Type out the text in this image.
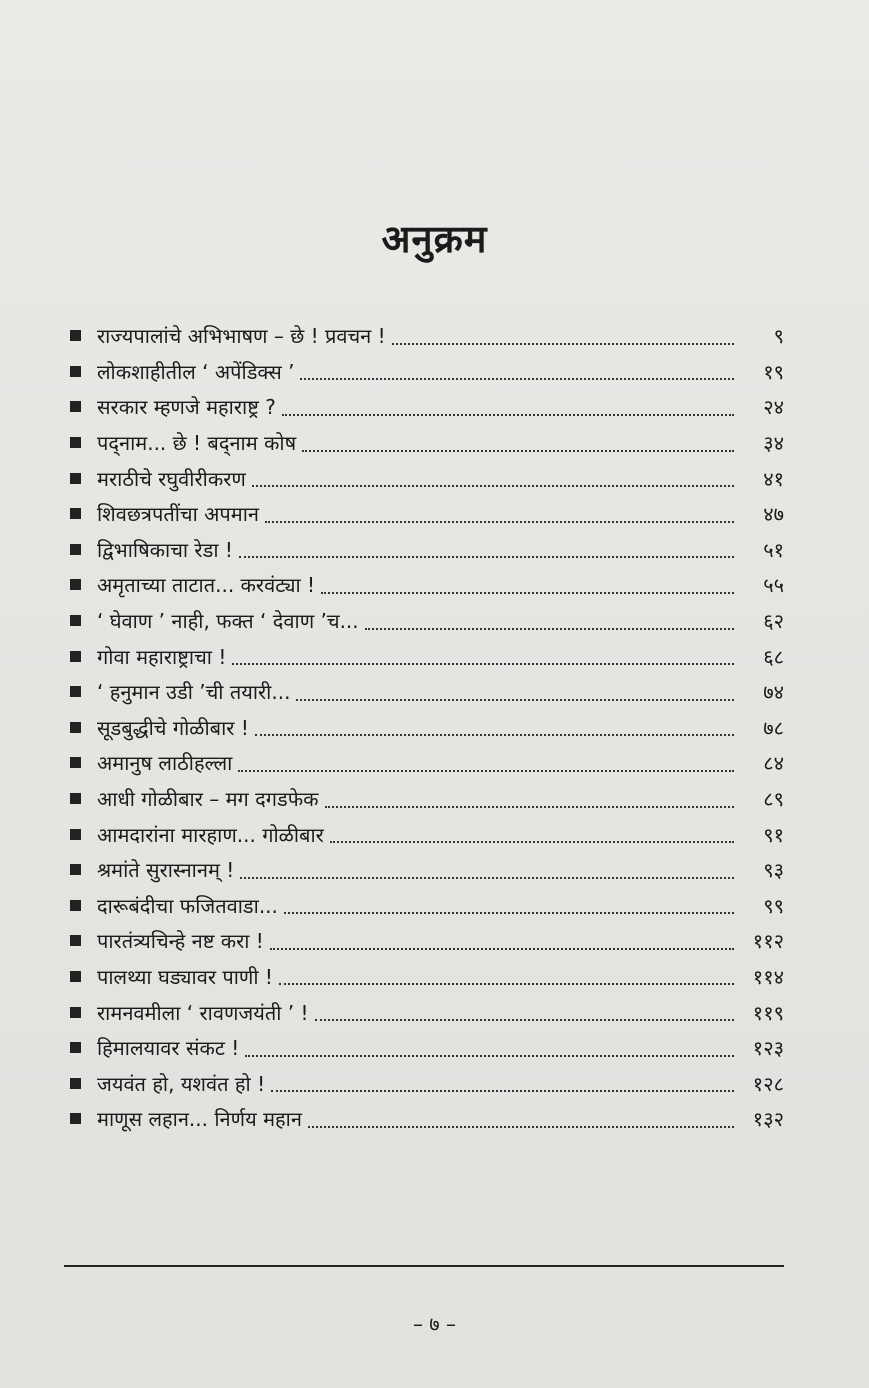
अनुक्रम
राज्यपालांचे अभिभाषण – छे ! प्रवचन !	९
लोकशाहीतील ‘ अपेंडिक्स ’	१९
सरकार म्हणजे महाराष्ट्र ?	२४
पद्नाम... छे ! बद्नाम कोष	३४
मराठीचे रघुवीरीकरण	४१
शिवछत्रपतींचा अपमान	४७
द्विभाषिकाचा रेडा !	५१
अमृताच्या ताटात... करवंट्या !	५५
‘ घेवाण ’ नाही, फक्त ‘ देवाण ’च...	६२
गोवा महाराष्ट्राचा !	६८
‘ हनुमान उडी ’ची तयारी...	७४
सूडबुद्धीचे गोळीबार !	७८
अमानुष लाठीहल्ला	८४
आधी गोळीबार – मग दगडफेक	८९
आमदारांना मारहाण... गोळीबार	९१
श्रमांते सुरास्नानम् !	९३
दारूबंदीचा फजितवाडा...	९९
पारतंत्र्यचिन्हे नष्ट करा !	११२
पालथ्या घड्यावर पाणी !	११४
रामनवमीला ‘ रावणजयंती ’ !	११९
हिमालयावर संकट !	१२३
जयवंत हो, यशवंत हो !	१२८
माणूस लहान... निर्णय महान	१३२
– ७ –
